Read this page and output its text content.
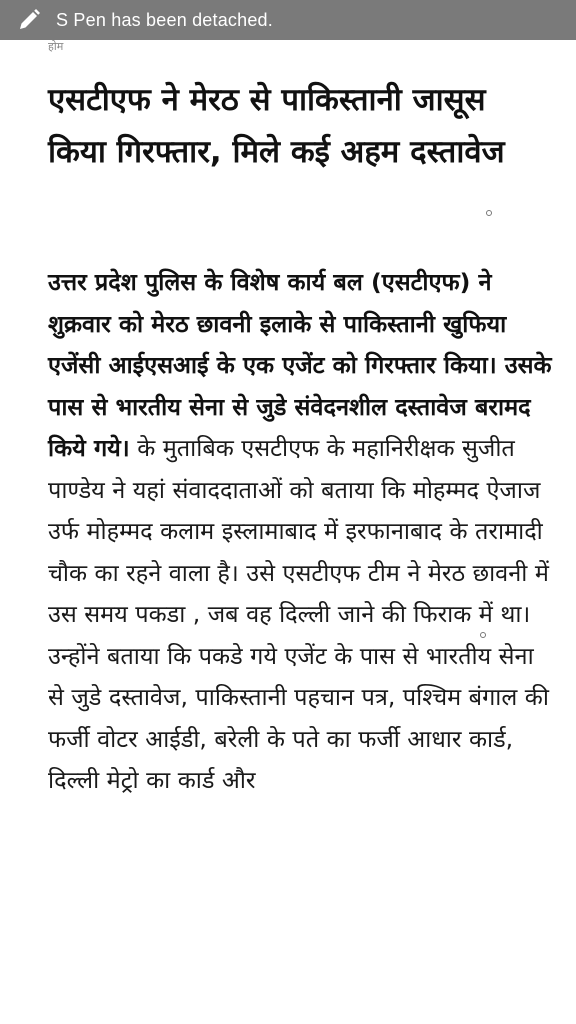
S Pen has been detached.
होम
एसटीएफ ने मेरठ से पाकिस्तानी जासूस किया गिरफ्तार, मिले कई अहम दस्तावेज

उत्तर प्रदेश पुलिस के विशेष कार्य बल (एसटीएफ) ने शुक्रवार को मेरठ छावनी इलाके से पाकिस्तानी खुफिया एजेंसी आईएसआई के एक एजेंट को गिरफ्तार किया। उसके पास से भारतीय सेना से जुडे संवेदनशील दस्तावेज बरामद किये गये। के मुताबिक एसटीएफ के महानिरीक्षक सुजीत पाण्डेय ने यहां संवाददाताओं को बताया कि मोहम्मद ऐजाज उर्फ मोहम्मद कलाम इस्लामाबाद में इरफानाबाद के तरामादी चौक का रहने वाला है। उसे एसटीएफ टीम ने मेरठ छावनी में उस समय पकडा , जब वह दिल्ली जाने की फिराक में था। उन्होंने बताया कि पकडे गये एजेंट के पास से भारतीय सेना से जुडे दस्तावेज, पाकिस्तानी पहचान पत्र, पश्चिम बंगाल की फर्जी वोटर आईडी, बरेली के पते का फर्जी आधार कार्ड, दिल्ली मेट्रो का कार्ड और
